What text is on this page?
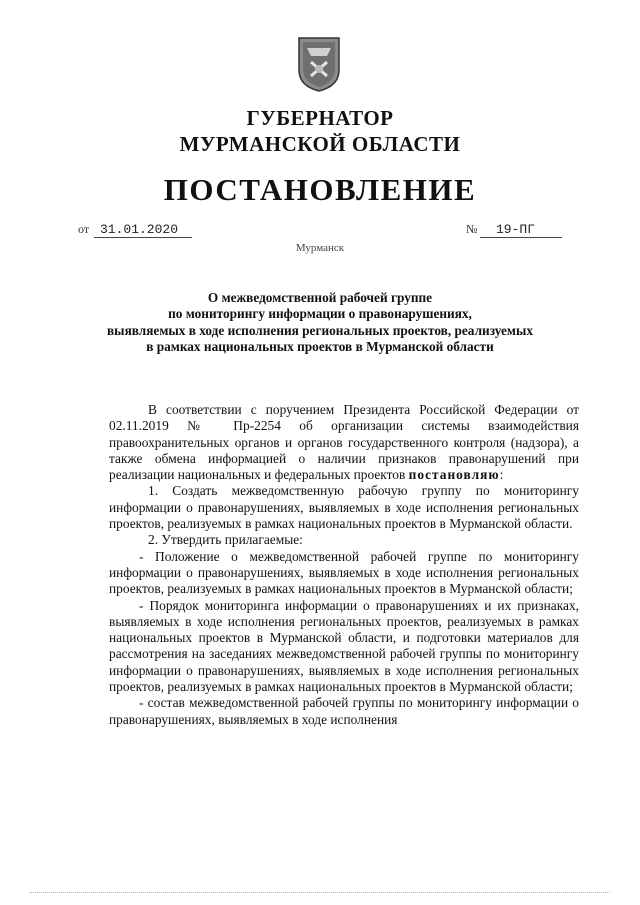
ГУБЕРНАТОР
МУРМАНСКОЙ ОБЛАСТИ
ПОСТАНОВЛЕНИЕ
от 31.01.2020	№ 19-ПГ
Мурманск
О межведомственной рабочей группе
по мониторингу информации о правонарушениях,
выявляемых в ходе исполнения региональных проектов, реализуемых
в рамках национальных проектов в Мурманской области

В соответствии с поручением Президента Российской Федерации от 02.11.2019 № Пр-2254 об организации системы взаимодействия правоохранительных органов и органов государственного контроля (надзора), а также обмена информацией о наличии признаков правонарушений при реализации национальных и федеральных проектов постановляю:

1. Создать межведомственную рабочую группу по мониторингу информации о правонарушениях, выявляемых в ходе исполнения региональных проектов, реализуемых в рамках национальных проектов в Мурманской области.

2. Утвердить прилагаемые:

- Положение о межведомственной рабочей группе по мониторингу информации о правонарушениях, выявляемых в ходе исполнения региональных проектов, реализуемых в рамках национальных проектов в Мурманской области;

- Порядок мониторинга информации о правонарушениях и их признаках, выявляемых в ходе исполнения региональных проектов, реализуемых в рамках национальных проектов в Мурманской области, и подготовки материалов для рассмотрения на заседаниях межведомственной рабочей группы по мониторингу информации о правонарушениях, выявляемых в ходе исполнения региональных проектов, реализуемых в рамках национальных проектов в Мурманской области;

- состав межведомственной рабочей группы по мониторингу информации о правонарушениях, выявляемых в ходе исполнения
